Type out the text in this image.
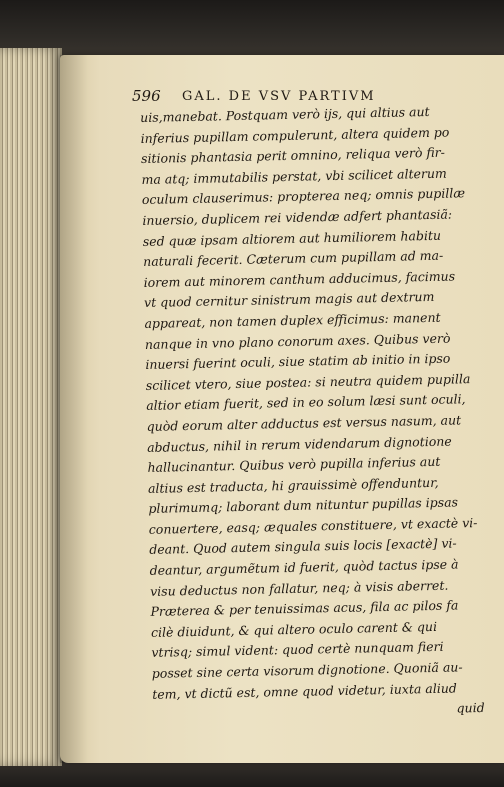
596 GAL. DE VSV PARTIVM
uis,manebat. Postquam verò ijs, qui altius aut
inferius pupillam compulerunt, altera quidem po
sitionis phantasia perit omnino, reliqua verò fir-
ma atq; immutabilis perstat, vbi scilicet alterum
oculum clauserimus: propterea neq; omnis pupillæ
inuersio, duplicem rei videndæ adfert phantasiã:
sed quæ ipsam altiorem aut humiliorem habitu
naturali fecerit. Cæterum cum pupillam ad ma-
iorem aut minorem canthum adducimus, facimus
vt quod cernitur sinistrum magis aut dextrum
appareat, non tamen duplex efficimus: manent
nanque in vno plano conorum axes. Quibus verò
inuersi fuerint oculi, siue statim ab initio in ipso
scilicet vtero, siue postea: si neutra quidem pupilla
altior etiam fuerit, sed in eo solum læsi sunt oculi,
quòd eorum alter adductus est versus nasum, aut
abductus, nihil in rerum videndarum dignotione
hallucinantur. Quibus verò pupilla inferius aut
altius est traducta, hi grauissimè offenduntur,
plurimumq; laborant dum nituntur pupillas ipsas
conuertere, easq; æquales constituere, vt exactè vi-
deant. Quod autem singula suis locis [exactè] vi-
deantur, argumẽtum id fuerit, quòd tactus ipse à
visu deductus non fallatur, neq; à visis aberret.
Præterea & per tenuissimas acus, fila ac pilos fa
cilè diuidunt, & qui altero oculo carent & qui
vtrisq; simul vident: quod certè nunquam fieri
posset sine certa visorum dignotione. Quoniã au-
tem, vt dictũ est, omne quod videtur, iuxta aliud
quid
